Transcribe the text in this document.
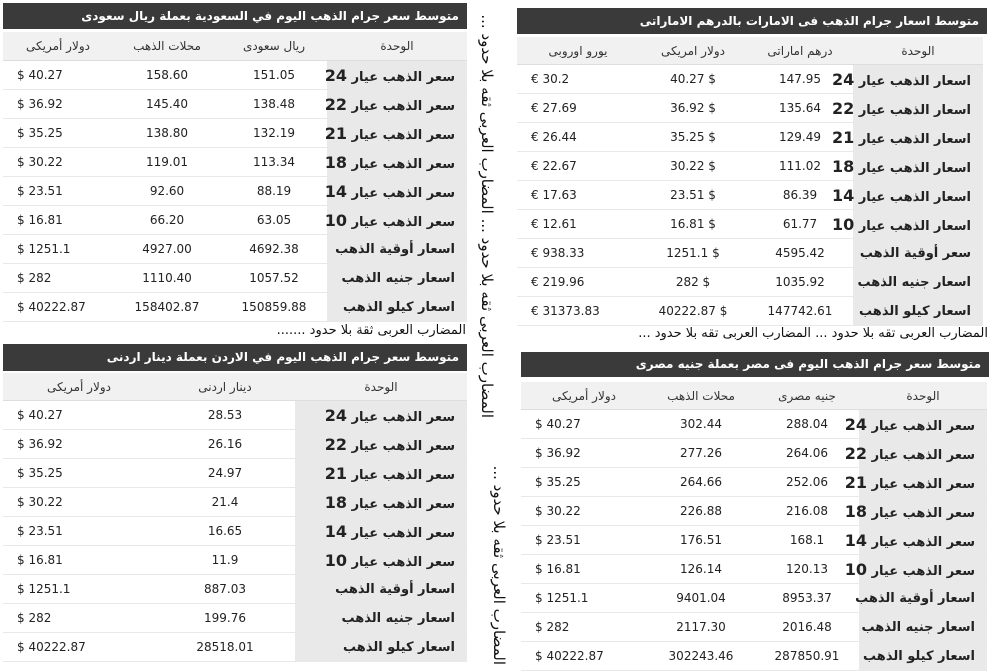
متوسط سعر جرام الذهب اليوم في السعودية بعملة ريال سعودى
الوحدة	ريال سعودى	محلات الذهب	دولار أمريكى
سعر الذهب عيار 24	151.05	158.60	$ 40.27
سعر الذهب عيار 22	138.48	145.40	$ 36.92
سعر الذهب عيار 21	132.19	138.80	$ 35.25
سعر الذهب عيار 18	113.34	119.01	$ 30.22
سعر الذهب عيار 14	88.19	92.60	$ 23.51
سعر الذهب عيار 10	63.05	66.20	$ 16.81
اسعار أوقية الذهب	4692.38	4927.00	$ 1251.1
اسعار جنيه الذهب	1057.52	1110.40	$ 282
اسعار كيلو الذهب	150859.88	158402.87	$ 40222.87
متوسط اسعار جرام الذهب فى الامارات بالدرهم الاماراتى
الوحدة	درهم اماراتى	دولار امريكى	يورو اوروبى
اسعار الذهب عيار 24	147.95	$ 40.27	€ 30.2
اسعار الذهب عيار 22	135.64	$ 36.92	€ 27.69
اسعار الذهب عيار 21	129.49	$ 35.25	€ 26.44
اسعار الذهب عيار 18	111.02	$ 30.22	€ 22.67
اسعار الذهب عيار 14	86.39	$ 23.51	€ 17.63
اسعار الذهب عيار 10	61.77	$ 16.81	€ 12.61
سعر أوقية الذهب	4595.42	$ 1251.1	€ 938.33
اسعار جنيه الذهب	1035.92	$ 282	€ 219.96
اسعار كيلو الذهب	147742.61	$ 40222.87	€ 31373.83
متوسط سعر جرام الذهب اليوم في الاردن بعملة دينار اردنى
الوحدة	دينار اردنى	دولار أمريكى
سعر الذهب عيار 24	28.53	$ 40.27
سعر الذهب عيار 22	26.16	$ 36.92
سعر الذهب عيار 21	24.97	$ 35.25
سعر الذهب عيار 18	21.4	$ 30.22
سعر الذهب عيار 14	16.65	$ 23.51
سعر الذهب عيار 10	11.9	$ 16.81
اسعار أوقية الذهب	887.03	$ 1251.1
اسعار جنيه الذهب	199.76	$ 282
اسعار كيلو الذهب	28518.01	$ 40222.87
متوسط سعر جرام الذهب اليوم فى مصر بعملة جنيه مصرى
الوحدة	جنيه مصرى	محلات الذهب	دولار أمريكى
سعر الذهب عيار 24	288.04	302.44	$ 40.27
سعر الذهب عيار 22	264.06	277.26	$ 36.92
سعر الذهب عيار 21	252.06	264.66	$ 35.25
سعر الذهب عيار 18	216.08	226.88	$ 30.22
سعر الذهب عيار 14	168.1	176.51	$ 23.51
سعر الذهب عيار 10	120.13	126.14	$ 16.81
اسعار أوقية الذهب	8953.37	9401.04	$ 1251.1
اسعار جنيه الذهب	2016.48	2117.30	$ 282
اسعار كيلو الذهب	287850.91	302243.46	$ 40222.87
المضارب العربى ثقة بلا حدود .......	المضارب العربى تقه بلا حدود ... المضارب العربى تقه بلا حدود ...
المضارب العربى ثقه بلا حدود ... المضارب العربى ثقه بلا حدود ...
المضارب العربى ثقه بلا حدود ...
